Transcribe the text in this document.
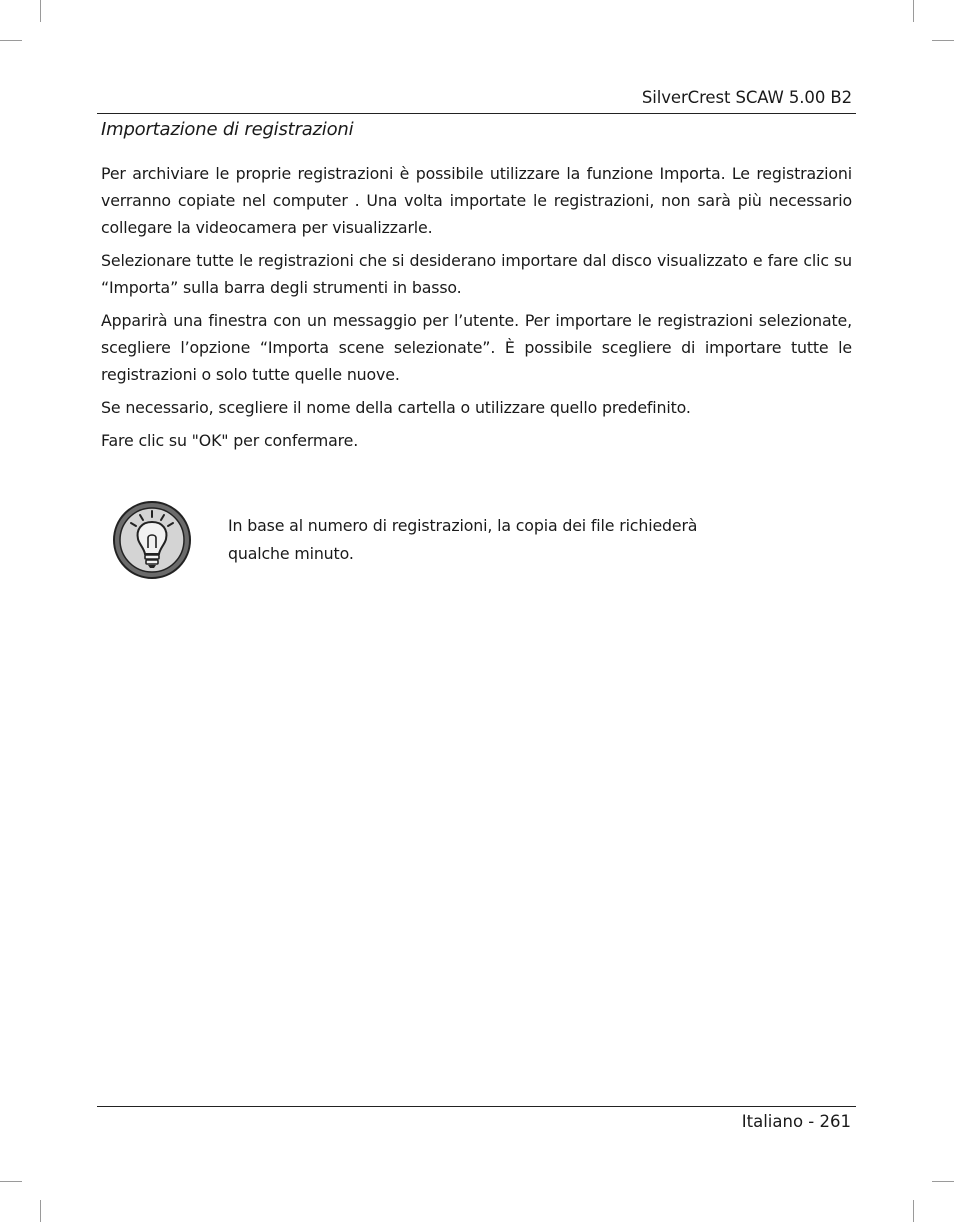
SilverCrest SCAW 5.00 B2
Importazione di registrazioni

Per archiviare le proprie registrazioni è possibile utilizzare la funzione Importa. Le registrazioni verranno copiate nel computer . Una volta importate le registrazioni, non sarà più necessario collegare la videocamera per visualizzarle.

Selezionare tutte le registrazioni che si desiderano importare dal disco visualizzato e fare clic su “Importa” sulla barra degli strumenti in basso.

Apparirà una finestra con un messaggio per l’utente. Per importare le registrazioni selezionate, scegliere l’opzione “Importa scene selezionate”. È possibile scegliere di importare tutte le registrazioni o solo tutte quelle nuove.

Se necessario, scegliere il nome della cartella o utilizzare quello predefinito.

Fare clic su "OK" per confermare.

In base al numero di registrazioni, la copia dei file richiederà qualche minuto.
Italiano - 261
